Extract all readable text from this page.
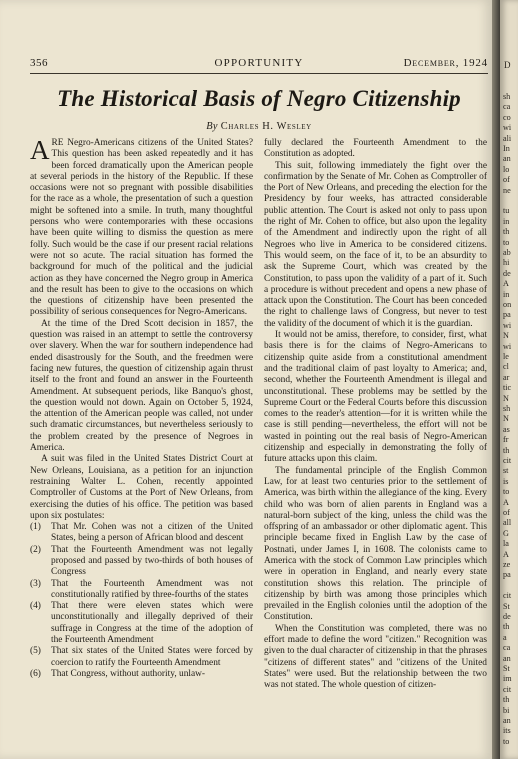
356	OPPORTUNITY	December, 1924
The Historical Basis of Negro Citizenship
By Charles H. Wesley

ARE Negro-Americans citizens of the United States? This question has been asked repeatedly and it has been forced dramatically upon the American people at several periods in the history of the Republic. If these occasions were not so pregnant with possible disabilities for the race as a whole, the presentation of such a question might be softened into a smile. In truth, many thoughtful persons who were contemporaries with these occasions have been quite willing to dismiss the question as mere folly. Such would be the case if our present racial relations were not so acute. The racial situation has formed the background for much of the political and the judicial action as they have concerned the Negro group in America and the result has been to give to the occasions on which the questions of citizenship have been presented the possibility of serious consequences for Negro-Americans.

At the time of the Dred Scott decision in 1857, the question was raised in an attempt to settle the controversy over slavery. When the war for southern independence had ended disastrously for the South, and the freedmen were facing new futures, the question of citizenship again thrust itself to the front and found an answer in the Fourteenth Amendment. At subsequent periods, like Banquo's ghost, the question would not down. Again on October 5, 1924, the attention of the American people was called, not under such dramatic circumstances, but nevertheless seriously to the problem created by the presence of Negroes in America.

A suit was filed in the United States District Court at New Orleans, Louisiana, as a petition for an injunction restraining Walter L. Cohen, recently appointed Comptroller of Customs at the Port of New Orleans, from exercising the duties of his office. The petition was based upon six postulates:

(1) That Mr. Cohen was not a citizen of the United States, being a person of African blood and descent
(2) That the Fourteenth Amendment was not legally proposed and passed by two-thirds of both houses of Congress
(3) That the Fourteenth Amendment was not constitutionally ratified by three-fourths of the states
(4) That there were eleven states which were unconstitutionally and illegally deprived of their suffrage in Congress at the time of the adoption of the Fourteenth Amendment
(5) That six states of the United States were forced by coercion to ratify the Fourteenth Amendment
(6) That Congress, without authority, unlaw-

fully declared the Fourteenth Amendment to the Constitution as adopted.

This suit, following immediately the fight over the confirmation by the Senate of Mr. Cohen as Comptroller of the Port of New Orleans, and preceding the election for the Presidency by four weeks, has attracted considerable public attention. The Court is asked not only to pass upon the right of Mr. Cohen to office, but also upon the legality of the Amendment and indirectly upon the right of all Negroes who live in America to be considered citizens. This would seem, on the face of it, to be an absurdity to ask the Supreme Court, which was created by the Constitution, to pass upon the validity of a part of it. Such a procedure is without precedent and opens a new phase of attack upon the Constitution. The Court has been conceded the right to challenge laws of Congress, but never to test the validity of the document of which it is the guardian.

It would not be amiss, therefore, to consider, first, what basis there is for the claims of Negro-Americans to citizenship quite aside from a constitutional amendment and the traditional claim of past loyalty to America; and, second, whether the Fourteenth Amendment is illegal and unconstitutional. These problems may be settled by the Supreme Court or the Federal Courts before this discussion comes to the reader's attention—for it is written while the case is still pending—nevertheless, the effort will not be wasted in pointing out the real basis of Negro-American citizenship and especially in demonstrating the folly of future attacks upon this claim.

The fundamental principle of the English Common Law, for at least two centuries prior to the settlement of America, was birth within the allegiance of the king. Every child who was born of alien parents in England was a natural-born subject of the king, unless the child was the offspring of an ambassador or other diplomatic agent. This principle became fixed in English Law by the case of Postnati, under James I, in 1608. The colonists came to America with the stock of Common Law principles which were in operation in England, and nearly every state constitution shows this relation. The principle of citizenship by birth was among those principles which prevailed in the English colonies until the adoption of the Constitution.

When the Constitution was completed, there was no effort made to define the word "citizen." Recognition was given to the dual character of citizenship in that the phrases "citizens of different states" and "citizens of the United States" were used. But the relationship between the two was not stated. The whole question of citizen-

D
sh
ca
co
wi
ali
In
an
lo
of
ne
tu
in
th
to
ab
hi
de
A
in
on
pa
wi
N
wi
le
cl
ar
tic
N
sh
N
as
fr
th
cit
st
is
to
A
of
all
G
la
A
ze
pa
cit
St
de
th
a
ca
an
St
im
cit
th
bi
an
its
to
